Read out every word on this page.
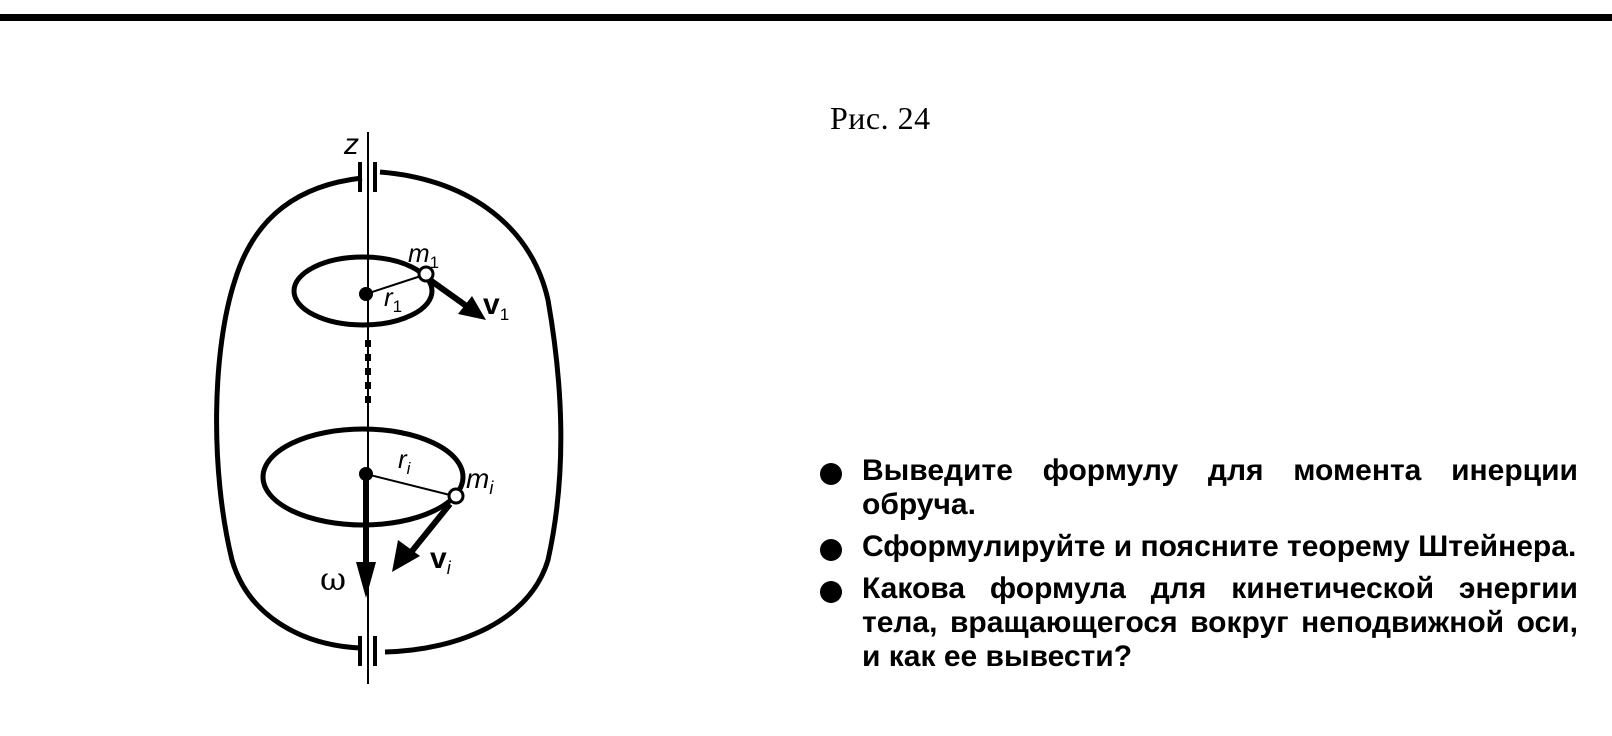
z
$m_1$
$r_1$	$v_1$
$r_i$ $m_i$
$v_i$
ω
Рис. 24
Выведите формулу для момента инерции обруча.
Сформулируйте и поясните теорему Штейнера.
Какова формула для кинетической энергии тела, вращающегося вокруг неподвижной оси, и как ее вывести?
